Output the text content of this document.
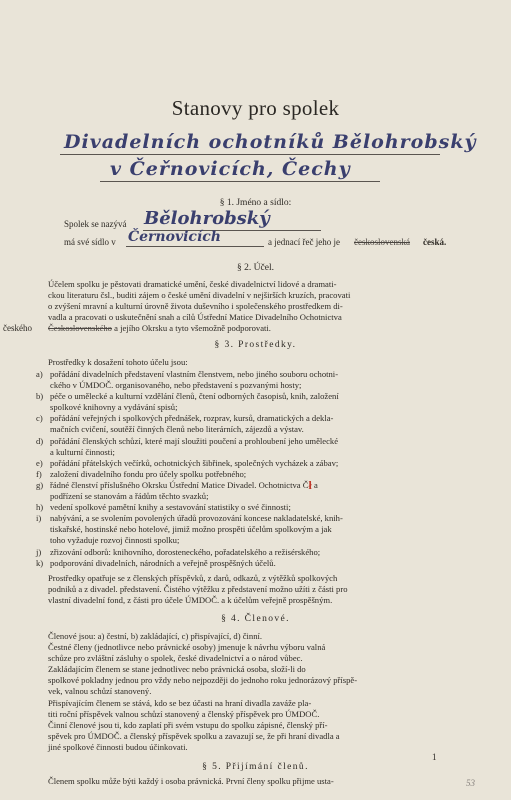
Stanovy pro spolek
Divadelních ochotníků Bělohrobský
v Čeřnovicích, Čechy
§ 1. Jméno a sídlo:
Spolek se nazývá Bělohrobský
má své sídlo v Černovicích	a jednací řeč jeho je československá česká.
§ 2. Účel.

Účelem spolku je pěstovati dramatické umění, české divadelnictví lidové a dramati-

ckou literaturu čsl., buditi zájem o české umění divadelní v nejširších kruzích, pracovati

o zvýšení mravní a kulturní úrovně života duševního i společenského prostředkem di-

vadla a pracovati o uskutečnění snah a cílů Ústřední Matice Divadelního Ochotnictva

Československého a jejího Okrsku a tyto všemožně podporovati.

českého
§ 3. Prostředky.

Prostředky k dosažení tohoto účelu jsou:

a) pořádání divadelních představení vlastním členstvem, nebo jiného souboru ochotni-
ckého v ÚMDOČ. organisovaného, nebo představení s pozvanými hosty;
b) péče o umělecké a kulturní vzdělání členů, čtení odborných časopisů, knih, založení
spolkové knihovny a vydávání spisů;
c) pořádání veřejných i spolkových přednášek, rozprav, kursů, dramatických a dekla-
mačních cvičení, soutěží činných členů nebo literárních, zájezdů a výstav.
d) pořádání členských schůzí, které mají sloužiti poučení a prohloubení jeho umělecké
a kulturní činnosti;
e) pořádání přátelských večírků, ochotnických šibřinek, společných vycházek a zábav;
f) založení divadelního fondu pro účely spolku potřebného;
g) řádné členství příslušného Okrsku Ústřední Matice Divadel. Ochotnictva Č ł
a
podřízení se stanovám a řádům těchto svazků;
h) vedení spolkové pamětní knihy a sestavování statistiky o své činnosti;
i)	nabývání, a se svolením povolených úřadů provozování koncese nakladatelské, knih-
tiskařské, hostinské nebo hotelové, jimiž možno prospěti účelům spolkovým a jak
toho vyžaduje rozvoj činnosti spolku;
j)	zřizování odborů: knihovního, dorosteneckého, pořadatelského a režisérského;
k) podporování divadelních, národních a veřejně prospěšných účelů.

Prostředky opatřuje se z členských příspěvků, z darů, odkazů, z výtěžků spolkových

podniků a z divadel. představení. Čistého výtěžku z představení možno užíti z části pro

vlastní divadelní fond, z části pro účele ÚMDOČ. a k účelům veřejně prospěšným.

§ 4. Členové.

Členové jsou: a) čestní, b) zakládající, c) přispívající, d) činní.

Čestné členy (jednotlivce nebo právnické osoby) jmenuje k návrhu výboru valná

schůze pro zvláštní zásluhy o spolek, české divadelnictví a o národ vůbec.

Zakládajícím členem se stane jednotlivec nebo právnická osoba, složí-li do

spolkové pokladny jednou pro vždy nebo nejpozději do jednoho roku jednorázový příspě-

vek, valnou schůzí stanovený.

Přispívajícím členem se stává, kdo se bez účasti na hraní divadla zaváže pla-

titi roční příspěvek valnou schůzí stanovený a členský příspěvek pro ÚMDOČ.

Činní členové jsou ti, kdo zaplatí při svém vstupu do spolku zápisné, členský pří-

spěvek pro ÚMDOČ. a členský příspěvek spolku a zavazují se, že při hraní divadla a

jiné spolkové činnosti budou účinkovati.

§ 5. Přijímání členů.

Členem spolku může býti každý i osoba právnická. První členy spolku přijme usta-

1
53
